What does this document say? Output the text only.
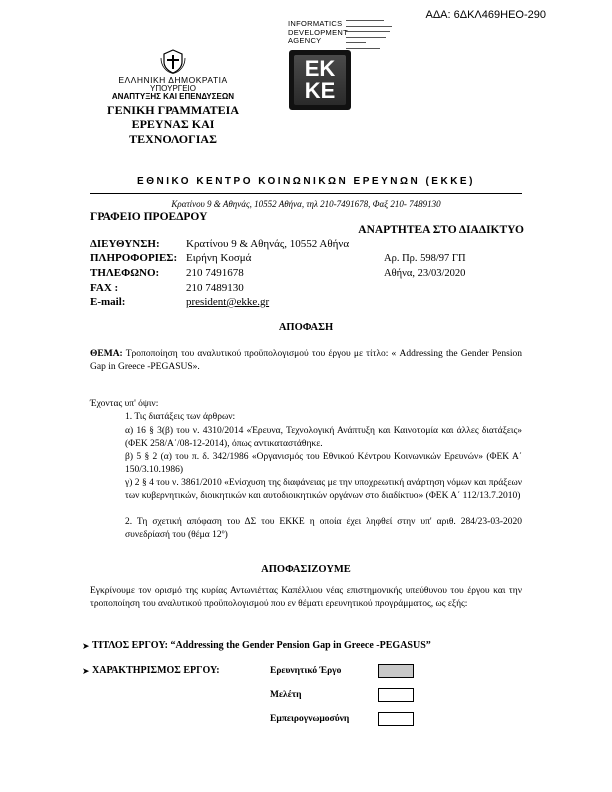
ΑΔΑ: 6ΔΚΛ469ΗΕΟ-290
ΕΛΛΗΝΙΚΗ ΔΗΜΟΚΡΑΤΙΑ
ΥΠΟΥΡΓΕΙΟ
ΑΝΑΠΤΥΞΗΣ ΚΑΙ ΕΠΕΝΔΥΣΕΩΝ
ΓΕΝΙΚΗ ΓΡΑΜΜΑΤΕΙΑ
ΕΡΕΥΝΑΣ ΚΑΙ
ΤΕΧΝΟΛΟΓΙΑΣ
INFORMATICS
DEVELOPMENT
AGENCY
EK
KE
ΕΘΝΙΚΟ ΚΕΝΤΡΟ ΚΟΙΝΩΝΙΚΩΝ ΕΡΕΥΝΩΝ (ΕΚΚΕ)
Κρατίνου 9 & Αθηνάς, 10552 Αθήνα, τηλ 210-7491678, Φαξ 210- 7489130
ΓΡΑΦΕΙΟ ΠΡΟΕΔΡΟΥ
ΑΝΑΡΤΗΤΕΑ ΣΤΟ ΔΙΑΔΙΚΤΥΟ
ΔΙΕΥΘΥΝΣΗ: Κρατίνου 9 & Αθηνάς, 10552 Αθήνα
ΠΛΗΡΟΦΟΡΙΕΣ: Ειρήνη Κοσμά
ΤΗΛΕΦΩΝΟ: 210 7491678
FAX :	210 7489130
E-mail:	president@ekke.gr
Αρ. Πρ. 598/97 ΓΠ
Αθήνα, 23/03/2020
ΑΠΟΦΑΣΗ
ΘΕΜΑ: Τροποποίηση του αναλυτικού προϋπολογισμού του έργου με τίτλο: « Addressing the Gender Pension Gap in Greece -PEGASUS».
Έχοντας υπ' όψιν:
1. Τις διατάξεις των άρθρων:
α) 16 § 3(β) του ν. 4310/2014 «Έρευνα, Τεχνολογική Ανάπτυξη και Καινοτομία και άλλες διατάξεις» (ΦΕΚ 258/Α΄/08-12-2014), όπως αντικαταστάθηκε.
β) 5 § 2 (α) του π. δ. 342/1986 «Οργανισμός του Εθνικού Κέντρου Κοινωνικών Ερευνών» (ΦΕΚ Α΄ 150/3.10.1986)
γ) 2 § 4 του ν. 3861/2010 «Ενίσχυση της διαφάνειας με την υποχρεωτική ανάρτηση νόμων και πράξεων των κυβερνητικών, διοικητικών και αυτοδιοικητικών οργάνων στο διαδίκτυο» (ΦΕΚ Α΄ 112/13.7.2010)
2. Τη σχετική απόφαση του ΔΣ του ΕΚΚΕ η οποία έχει ληφθεί στην υπ' αριθ. 284/23-03-2020 συνεδρίασή του (θέμα 12º)
ΑΠΟΦΑΣΙΖΟΥΜΕ
Εγκρίνουμε τον ορισμό της κυρίας Αντωνιέττας Καπέλλιου νέας επιστημονικής υπεύθυνου του έργου και την τροποποίηση του αναλυτικού προϋπολογισμού που εν θέματι ερευνητικού προγράμματος, ως εξής:
➤ ΤΙΤΛΟΣ ΕΡΓΟΥ: “Addressing the Gender Pension Gap in Greece -PEGASUS”
➤ ΧΑΡΑΚΤΗΡΙΣΜΟΣ ΕΡΓΟΥ:	Ερευνητικό Έργο
Μελέτη
Εμπειρογνωμοσύνη
